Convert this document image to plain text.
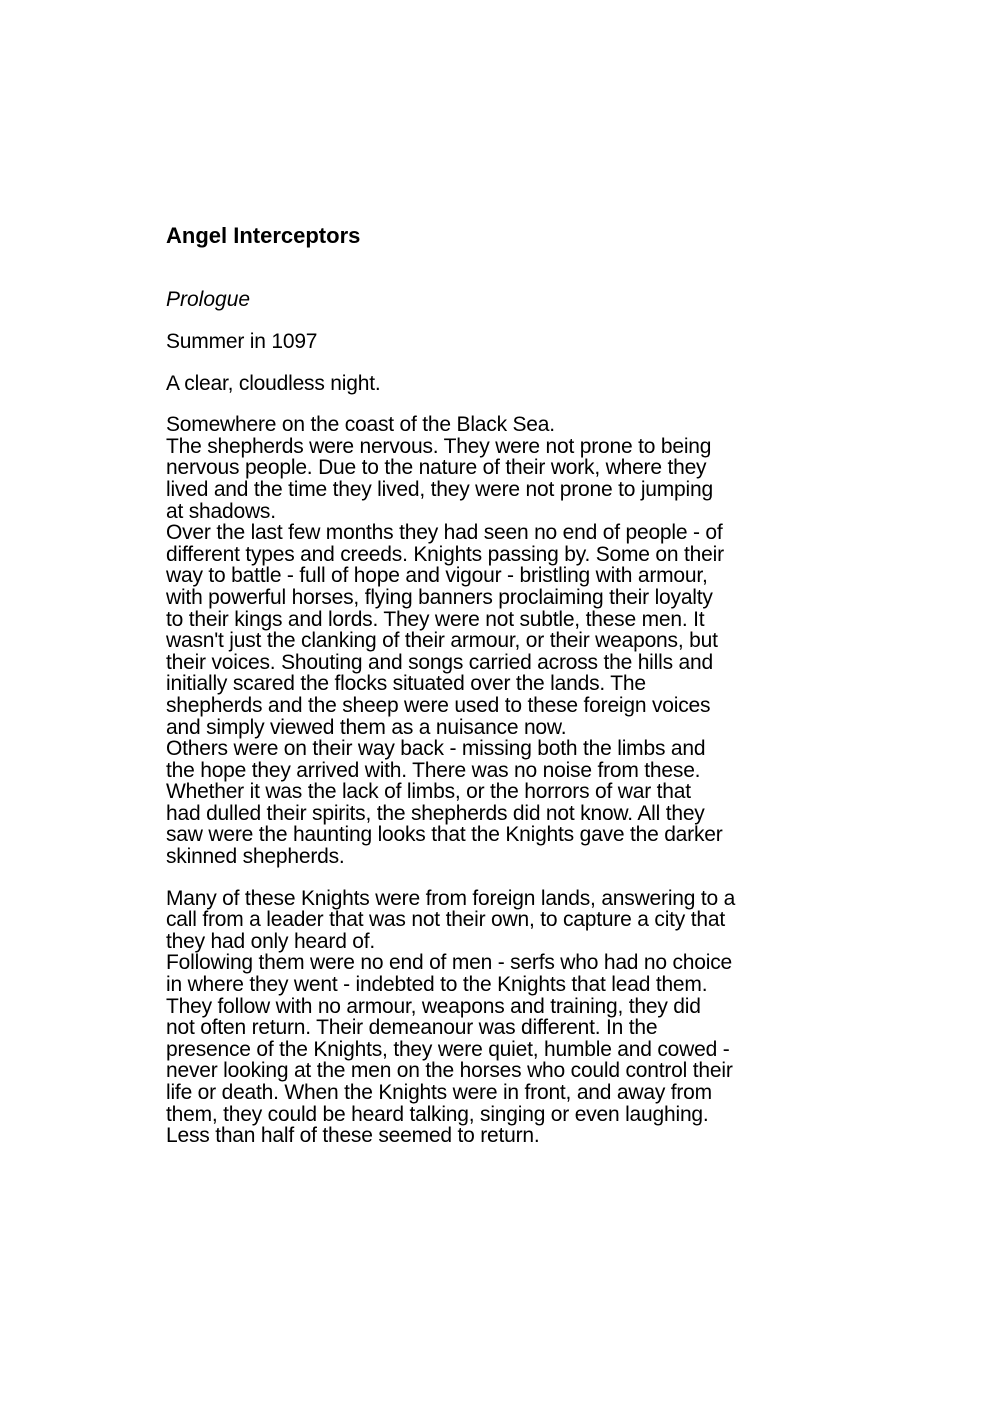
Angel Interceptors
Prologue
Summer in 1097
A clear, cloudless night.
Somewhere on the coast of the Black Sea.
The shepherds were nervous. They were not prone to being
nervous people. Due to the nature of their work, where they
lived and the time they lived, they were not prone to jumping
at shadows.
Over the last few months they had seen no end of people - of
different types and creeds. Knights passing by. Some on their
way to battle - full of hope and vigour - bristling with armour,
with powerful horses, flying banners proclaiming their loyalty
to their kings and lords. They were not subtle, these men. It
wasn't just the clanking of their armour, or their weapons, but
their voices. Shouting and songs carried across the hills and
initially scared the flocks situated over the lands. The
shepherds and the sheep were used to these foreign voices
and simply viewed them as a nuisance now.
Others were on their way back - missing both the limbs and
the hope they arrived with. There was no noise from these.
Whether it was the lack of limbs, or the horrors of war that
had dulled their spirits, the shepherds did not know. All they
saw were the haunting looks that the Knights gave the darker
skinned shepherds.
Many of these Knights were from foreign lands, answering to a
call from a leader that was not their own, to capture a city that
they had only heard of.
Following them were no end of men - serfs who had no choice
in where they went - indebted to the Knights that lead them.
They follow with no armour, weapons and training, they did
not often return. Their demeanour was different. In the
presence of the Knights, they were quiet, humble and cowed -
never looking at the men on the horses who could control their
life or death. When the Knights were in front, and away from
them, they could be heard talking, singing or even laughing.
Less than half of these seemed to return.
